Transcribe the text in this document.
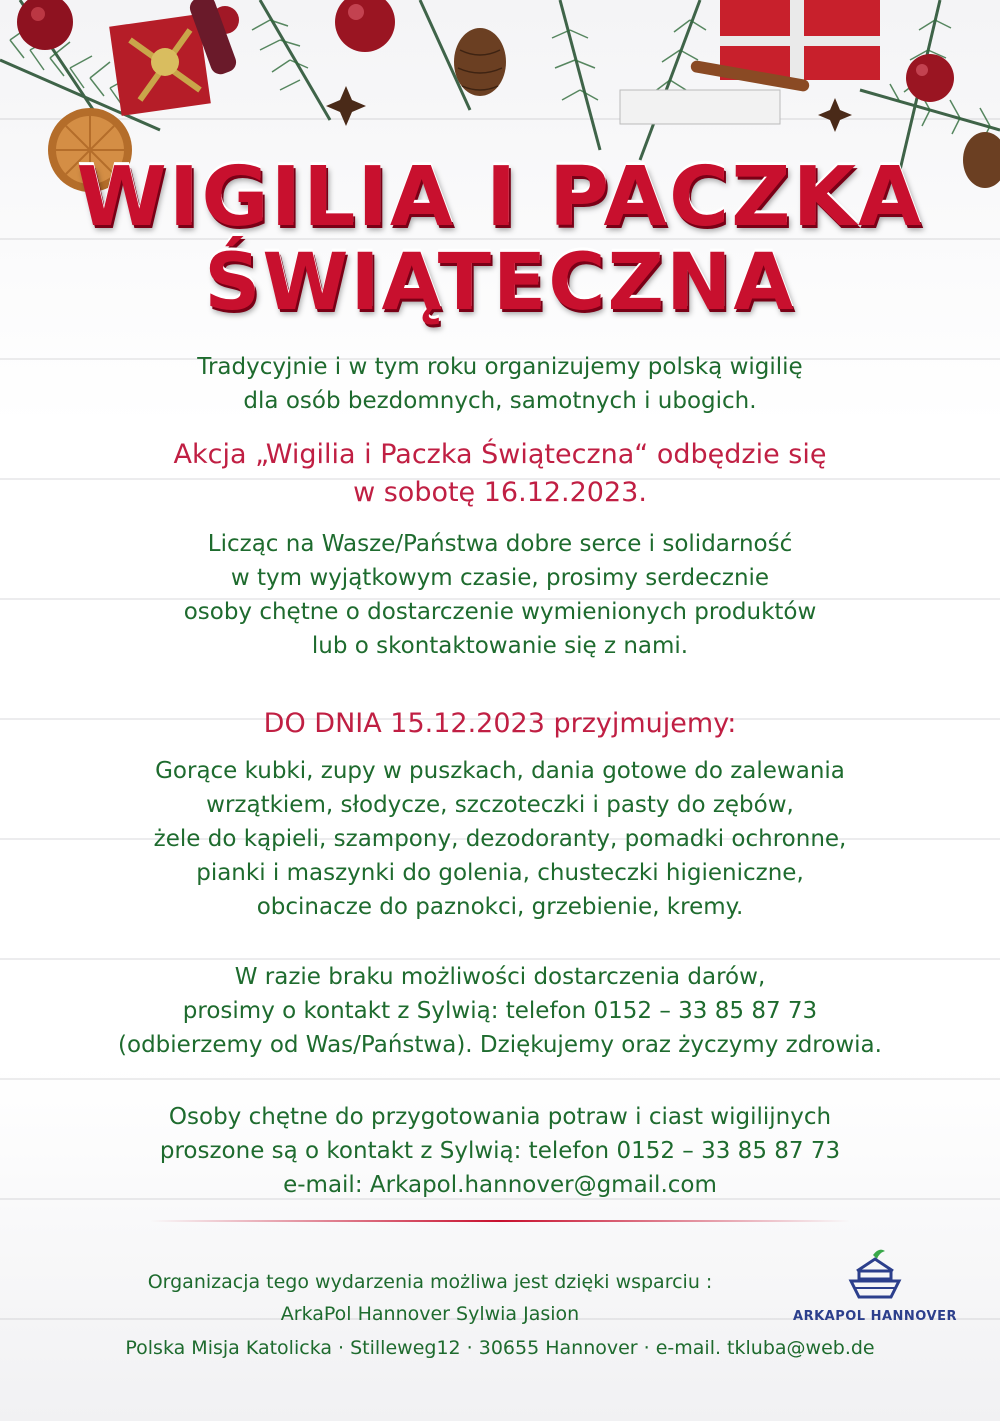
WIGILIA I PACZKA
ŚWIĄTECZNA
Tradycyjnie i w tym roku organizujemy polską wigilię
dla osób bezdomnych, samotnych i ubogich.
Akcja „Wigilia i Paczka Świąteczna“ odbędzie się
w sobotę 16.12.2023.
Licząc na Wasze/Państwa dobre serce i solidarność
w tym wyjątkowym czasie, prosimy serdecznie
osoby chętne o dostarczenie wymienionych produktów
lub o skontaktowanie się z nami.
DO DNIA 15.12.2023 przyjmujemy:
Gorące kubki, zupy w puszkach, dania gotowe do zalewania
wrzątkiem, słodycze, szczoteczki i pasty do zębów,
żele do kąpieli, szampony, dezodoranty, pomadki ochronne,
pianki i maszynki do golenia, chusteczki higieniczne,
obcinacze do paznokci, grzebienie, kremy.
W razie braku możliwości dostarczenia darów,
prosimy o kontakt z Sylwią: telefon 0152 – 33 85 87 73
(odbierzemy od Was/Państwa). Dziękujemy oraz życzymy zdrowia.
Osoby chętne do przygotowania potraw i ciast wigilijnych
proszone są o kontakt z Sylwią: telefon 0152 – 33 85 87 73
e-mail: Arkapol.hannover@gmail.com
Organizacja tego wydarzenia możliwa jest dzięki wsparciu :
ArkaPol Hannover Sylwia Jasion
Polska Misja Katolicka · Stilleweg12 · 30655 Hannover · e-mail. tkluba@web.de
ARKAPOL HANNOVER
